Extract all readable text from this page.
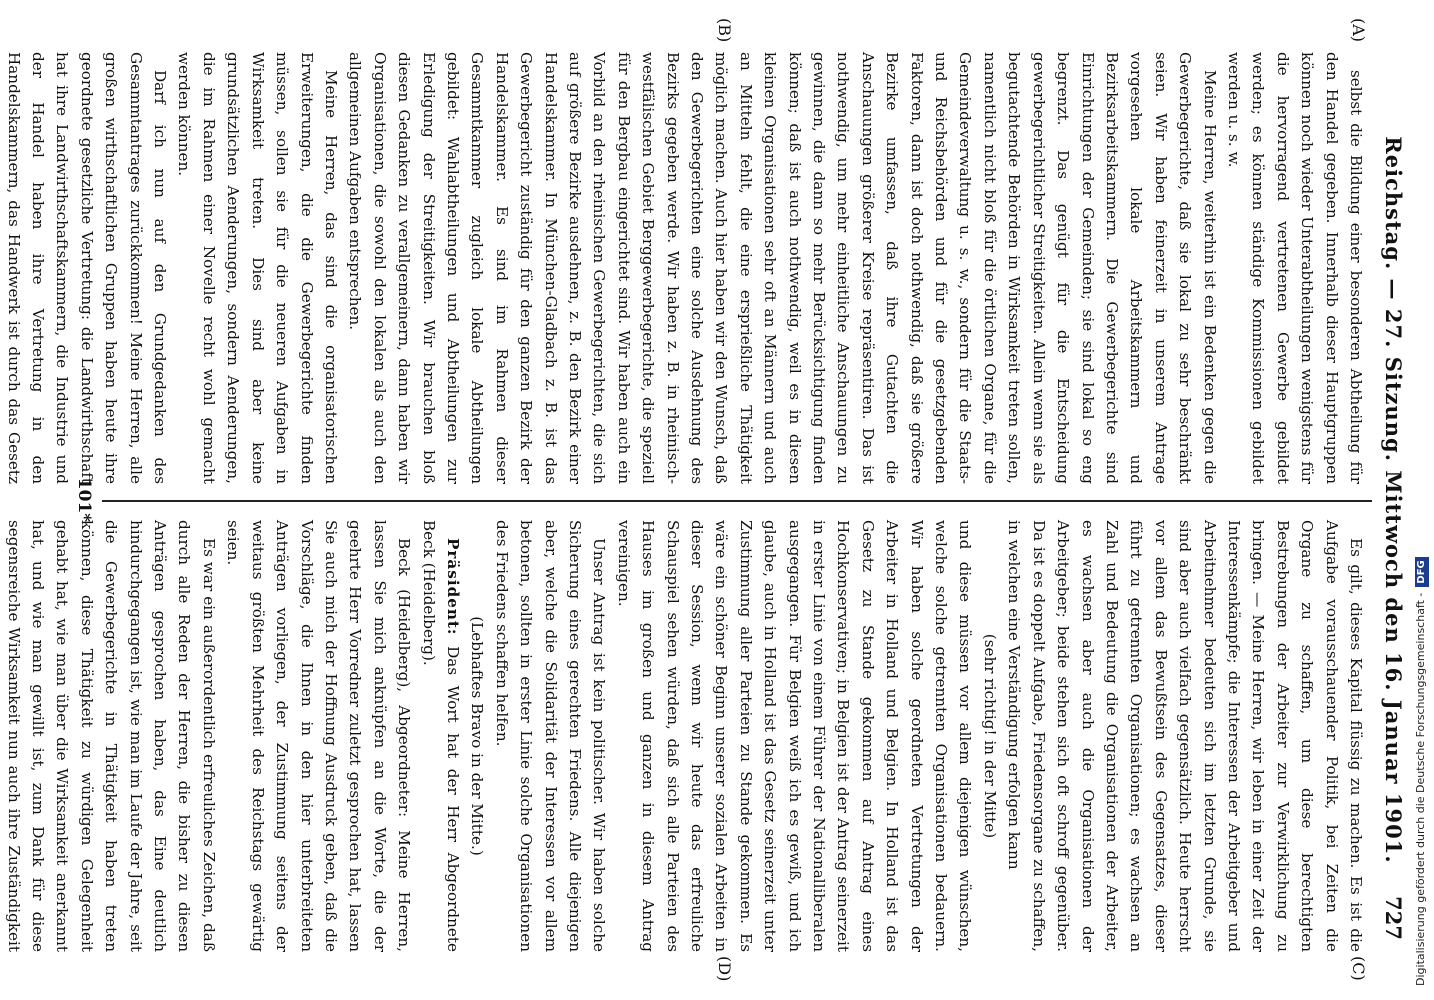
Reichstag. — 27. Sitzung. Mittwoch den 16. Januar 1901.
727
(A)
(B)
(C)
(D)

selbst die Bildung einer besonderen Abtheilung für den Handel gegeben. Innerhalb dieser Hauptgruppen können noch wieder Unterabtheilungen wenigstens für die hervorragend vertretenen Gewerbe gebildet werden; es können ständige Kommissionen gebildet werden u. s. w.

Meine Herren, weiterhin ist ein Bedenken gegen die Gewerbegerichte, daß sie lokal zu sehr beschränkt seien. Wir haben feinerzeit in unserem Antrage vorgesehen lokale Arbeitskammern und Bezirksarbeitskammern. Die Gewerbegerichte sind Einrichtungen der Gemeinden; sie sind lokal so eng begrenzt. Das genügt für die Entscheidung gewerbegerichtlicher Streitigkeiten. Allein wenn sie als begutachtende Behörden in Wirksamkeit treten sollen, namentlich nicht bloß für die örtlichen Organe, für die Gemeindeverwaltung u. s. w., sondern für die Staats- und Reichsbehörden und für die gesetzgebenden Faktoren, dann ist doch nothwendig, daß sie größere Bezirke umfassen, daß ihre Gutachten die Anschauungen größerer Kreise repräsentiren. Das ist nothwendig, um mehr einheitliche Anschauungen zu gewinnen, die dann so mehr Berücksichtigung finden können; daß ist auch nothwendig, weil es in diesen kleinen Organisationen sehr oft an Männern und auch an Mitteln fehlt, die eine ersprießliche Thätigkeit möglich machen. Auch hier haben wir den Wunsch, daß den Gewerbegerichten eine solche Ausdehnung des Bezirks gegeben werde. Wir haben z. B. in rheinisch-westfälischen Gebiet Berggewerbegerichte, die speziell für den Bergbau eingerichtet sind. Wir haben auch ein Vorbild an den rheinischen Gewerbegerichten, die sich auf größere Bezirke ausdehnen, z. B. den Bezirk einer Handelskammer. In München-Gladbach z. B. ist das Gewerbegericht zuständig für den ganzen Bezirk der Handelskammer. Es sind im Rahmen dieser Gesammtkammer zugleich lokale Abtheilungen gebildet: Wahlabtheilungen und Abtheilungen zur Erledigung der Streitigkeiten. Wir brauchen bloß diesen Gedanken zu verallgemeinern, dann haben wir Organisationen, die sowohl den lokalen als auch den allgemeinen Aufgaben entsprechen.

Meine Herren, das sind die organisatorischen Erweiterungen, die die Gewerbegerichte finden müssen, sollen sie für die neueren Aufgaben in Wirksamkeit treten. Dies sind aber keine grundsätzlichen Aenderungen, sondern Aenderungen, die im Rahmen einer Novelle recht wohl gemacht werden können.

Darf ich nun auf den Grundgedanken des Gesammtantrages zurückkommen! Meine Herren, alle großen wirthschaftlichen Gruppen haben heute ihre geordnete gesetzliche Vertretung: die Landwirthschaft hat ihre Landwirthschaftskammern, die Industrie und der Handel haben ihre Vertretung in den Handelskammern, das Handwerk ist durch das Gesetz

Es gilt, dieses Kapital flüssig zu machen. Es ist die Aufgabe vorausschauender Politik, bei Zeiten die Organe zu schaffen, um diese berechtigten Bestrebungen der Arbeiter zur Verwirklichung zu bringen. — Meine Herren, wir leben in einer Zeit der Interessenkämpfe; die Interessen der Arbeitgeber und Arbeitnehmer bedeuten sich im letzten Grunde, sie sind aber auch vielfach gegensätzlich. Heute herrscht vor allem das Bewußtsein des Gegensatzes, dieser führt zu getrennten Organisationen; es wachsen an Zahl und Bedeutung die Organisationen der Arbeiter, es wachsen aber auch die Organisationen der Arbeitgeber; beide stehen sich oft schroff gegenüber. Da ist es doppelt Aufgabe, Friedensorgane zu schaffen, in welchen eine Verständigung erfolgen kann

(sehr richtig! in der Mitte)

und diese müssen vor allem diejenigen wünschen, welche solche getrennten Organisationen bedauern. Wir haben solche geordneten Vertretungen der Arbeiter in Holland und Belgien. In Holland ist das Gesetz zu Stande gekommen auf Antrag eines Hochkonservativen; in Belgien ist der Antrag seinerzeit in erster Linie von einem Führer der Nationalliberalen ausgegangen. Für Belgien weiß ich es gewiß, und ich glaube, auch in Holland ist das Gesetz seinerzeit unter Zustimmung aller Parteien zu Stande gekommen. Es wäre ein schöner Beginn unserer sozialen Arbeiten in dieser Session, wenn wir heute das erfreuliche Schauspiel sehen würden, daß sich alle Parteien des Hauses im großen und ganzen in diesem Antrag vereinigen.

Unser Antrag ist kein politischer. Wir haben solche Sicherung eines gerechten Friedens. Alle diejenigen aber, welche die Solidarität der Interessen vor allem betonen, sollten in erster Linie solche Organisationen des Friedens schaffen helfen.

(Lebhaftes Bravo in der Mitte.)

Präsident: Das Wort hat der Herr Abgeordnete Beck (Heidelberg).

Beck (Heidelberg), Abgeordneter: Meine Herren, lassen Sie mich anknüpfen an die Worte, die der geehrte Herr Vorredner zuletzt gesprochen hat, lassen Sie auch mich der Hoffnung Ausdruck geben, daß die Vorschläge, die Ihnen in den hier unterbreiteten Anträgen vorliegen, der Zustimmung seitens der weitaus größten Mehrheit des Reichstags gewärtig seien.

Es war ein außerordentlich erfreuliches Zeichen, daß durch alle Reden der Herren, die bisher zu diesen Anträgen gesprochen haben, das Eine deutlich hindurchgegangen ist, wie man im Laufe der Jahre, seit die Gewerbegerichte in Thätigkeit haben treten können, diese Thätigkeit zu würdigen Gelegenheit gehabt hat, wie man über die Wirksamkeit anerkannt hat, und wie man gewillt ist, zum Dank für diese segensreiche Wirksamkeit nun auch ihre Zuständigkeit

101*
Digitalisierung gefördert durch die Deutsche Forschungsgemeinschaft -DFG
